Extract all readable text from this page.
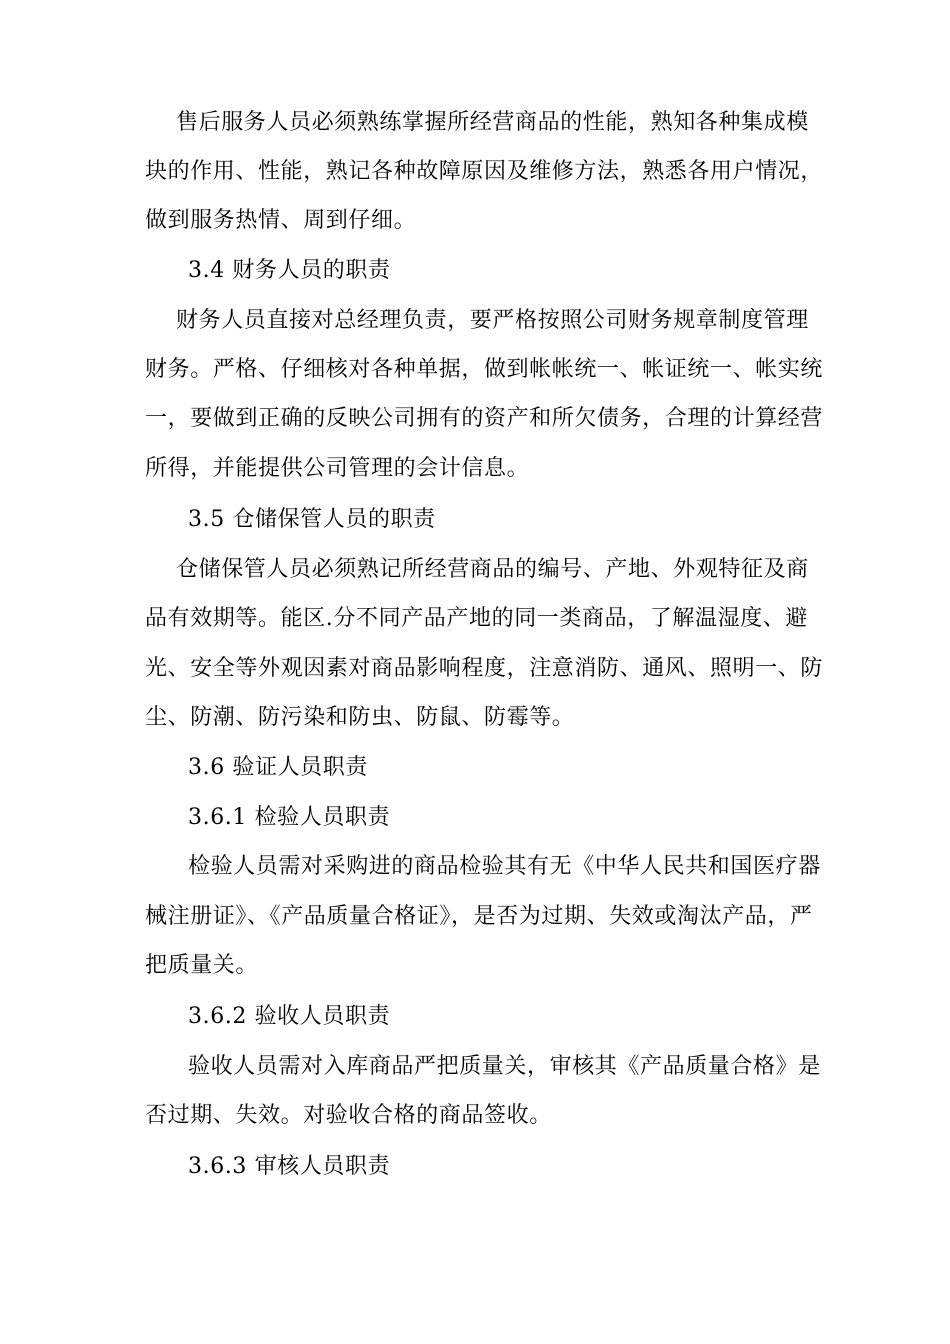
售后服务人员必须熟练掌握所经营商品的性能，熟知各种集成模
块的作用、性能，熟记各种故障原因及维修方法，熟悉各用户情况，
做到服务热情、周到仔细。
3.4 财务人员的职责
财务人员直接对总经理负责，要严格按照公司财务规章制度管理
财务。严格、仔细核对各种单据，做到帐帐统一、帐证统一、帐实统
一，要做到正确的反映公司拥有的资产和所欠债务，合理的计算经营
所得，并能提供公司管理的会计信息。
3.5 仓储保管人员的职责
仓储保管人员必须熟记所经营商品的编号、产地、外观特征及商
品有效期等。能区.分不同产品产地的同一类商品，了解温湿度、避
光、安全等外观因素对商品影响程度，注意消防、通风、照明一、防
尘、防潮、防污染和防虫、防鼠、防霉等。
3.6 验证人员职责
3.6.1 检验人员职责
检验人员需对采购进的商品检验其有无《中华人民共和国医疗器
械注册证》、《产品质量合格证》，是否为过期、失效或淘汰产品，严
把质量关。
3.6.2 验收人员职责
验收人员需对入库商品严把质量关，审核其《产品质量合格》是
否过期、失效。对验收合格的商品签收。
3.6.3 审核人员职责
